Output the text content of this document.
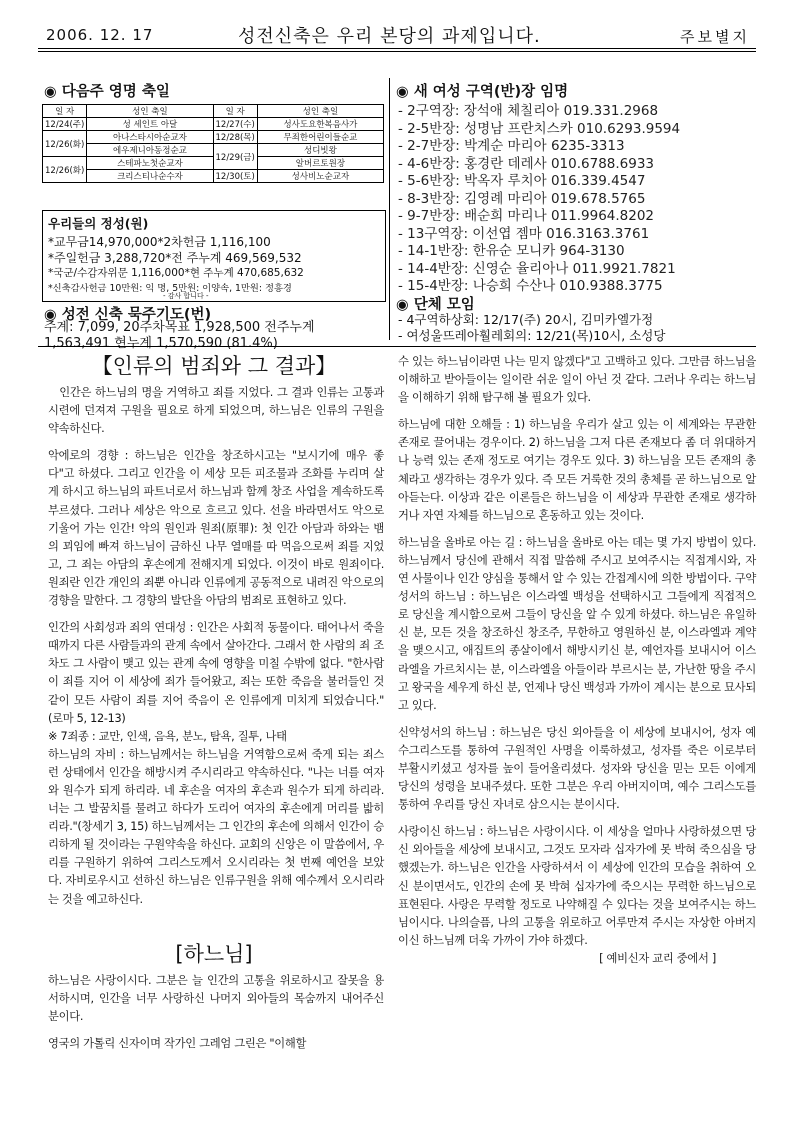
2006. 12. 17	성전신축은 우리 본당의 과제입니다.	주보별지
◉ 다음주 영명 축일
일 자	성인 축일	일 자	성인 축일
12/24(주)	성 세인트 아달	12/27(수)	성사도요한복음사가
12/26(화)	아나스타시아순교자	12/28(목)	무죄한어린이들순교
	에우제니아동정순교	12/29(금)	성디빗왕
12/26(화)	스테파노첫순교자		알버르토원장
	크리스티나순수자	12/30(토)	성사비노순교자
우리들의 정성(원)
*교무금14,970,000*2차헌금 1,116,100
*주일헌금 3,288,720*전 주누계 469,569,532
*국군/수감자위문 1,116,000*현 주누계 470,685,632
*신축감사헌금 10만원: 익 명, 5만원: 이양속, 1만원: 정흥경
- 감사 합니다 -
◉ 성전 신축 묵주기도(번)
주계: 7,099, 20주차목표 1,928,500 전주누계
1,563,491 현누계 1,570,590 (81.4%)
◉ 새 여성 구역(반)장 임명
- 2구역장: 장석애 체칠리아 019.331.2968
- 2-5반장: 성명남 프란치스카 010.6293.9594
- 2-7반장: 박계순 마리아 6235-3313
- 4-6반장: 홍경란 데레사 010.6788.6933
- 5-6반장: 박옥자 루치아 016.339.4547
- 8-3반장: 김영례 마리아 019.678.5765
- 9-7반장: 배순희 마리나 011.9964.8202
- 13구역장: 이선엽 젬마 016.3163.3761
- 14-1반장: 한유순 모니카 964-3130
- 14-4반장: 신영순 율리아나 011.9921.7821
- 15-4반장: 나승희 수산나 010.9388.3775
◉ 단체 모임
- 4구역하상회: 12/17(주) 20시, 김미카엘가정
- 여성울뜨레아훨레회의: 12/21(목)10시, 소성당
【인류의 범죄와 그 결과】

인간은 하느님의 명을 거역하고 죄를 지었다. 그 결과 인류는 고통과 시련에 던져져 구원을 필요로 하게 되었으며, 하느님은 인류의 구원을 약속하신다.

악에로의 경향 : 하느님은 인간을 창조하시고는 "보시기에 매우 좋다"고 하셨다. 그리고 인간을 이 세상 모든 피조물과 조화를 누리며 살게 하시고 하느님의 파트너로서 하느님과 함께 창조 사업을 계속하도록 부르셨다. 그러나 세상은 악으로 흐르고 있다. 선을 바라면서도 악으로 기울어 가는 인간! 악의 원인과 원죄(原罪): 첫 인간 아담과 하와는 뱀의 꾀임에 빠져 하느님이 금하신 나무 열매를 따 먹음으로써 죄를 지었고, 그 죄는 아담의 후손에게 전해지게 되었다. 이것이 바로 원죄이다. 원죄란 인간 개인의 죄뿐 아니라 인류에게 공동적으로 내려진 악으로의 경향을 말한다. 그 경향의 발단을 아담의 범죄로 표현하고 있다.

인간의 사회성과 죄의 연대성 : 인간은 사회적 동물이다. 태어나서 죽을 때까지 다른 사람들과의 관계 속에서 살아간다. 그래서 한 사람의 죄 조차도 그 사람이 맺고 있는 관계 속에 영향을 미칠 수밖에 없다. "한사람이 죄를 지어 이 세상에 죄가 들어왔고, 죄는 또한 죽음을 불러들인 것같이 모든 사람이 죄를 지어 죽음이 온 인류에게 미치게 되었습니다."(로마 5, 12-13)

※ 7죄종 : 교만, 인색, 음욕, 분노, 탐욕, 질투, 나태

하느님의 자비 : 하느님께서는 하느님을 거역함으로써 죽게 되는 죄스런 상태에서 인간을 해방시켜 주시리라고 약속하신다. "나는 너를 여자와 원수가 되게 하리라. 네 후손을 여자의 후손과 원수가 되게 하리라. 너는 그 발꿈치를 물려고 하다가 도리어 여자의 후손에게 머리를 밟히리라."(창세기 3, 15) 하느님께서는 그 인간의 후손에 의해서 인간이 승리하게 될 것이라는 구원약속을 하신다. 교회의 신앙은 이 말씀에서, 우리를 구원하기 위하여 그리스도께서 오시리라는 첫 번째 예언을 보았다. 자비로우시고 선하신 하느님은 인류구원을 위해 예수께서 오시리라는 것을 예고하신다.

[하느님]

하느님은 사랑이시다. 그분은 늘 인간의 고통을 위로하시고 잘못을 용서하시며, 인간을 너무 사랑하신 나머지 외아들의 목숨까지 내어주신 분이다.

영국의 가톨릭 신자이며 작가인 그레엄 그린은 "이해할

수 있는 하느님이라면 나는 믿지 않겠다"고 고백하고 있다. 그만큼 하느님을 이해하고 받아들이는 일이란 쉬운 일이 아닌 것 같다. 그러나 우리는 하느님을 이해하기 위해 탐구해 볼 필요가 있다.

하느님에 대한 오해들 : 1) 하느님을 우리가 살고 있는 이 세계와는 무관한 존재로 끌어내는 경우이다. 2) 하느님을 그저 다른 존재보다 좀 더 위대하거나 능력 있는 존재 정도로 여기는 경우도 있다. 3) 하느님을 모든 존재의 총체라고 생각하는 경우가 있다. 즉 모든 거룩한 것의 총체를 곧 하느님으로 알아듣는다. 이상과 같은 이론들은 하느님을 이 세상과 무관한 존재로 생각하거나 자연 자체를 하느님으로 혼동하고 있는 것이다.

하느님을 올바로 아는 길 : 하느님을 올바로 아는 데는 몇 가지 방법이 있다. 하느님께서 당신에 관해서 직접 말씀해 주시고 보여주시는 직접계시와, 자연 사물이나 인간 양심을 통해서 알 수 있는 간접계시에 의한 방법이다. 구약성서의 하느님 : 하느님은 이스라엘 백성을 선택하시고 그들에게 직접적으로 당신을 계시함으로써 그들이 당신을 알 수 있게 하셨다. 하느님은 유일하신 분, 모든 것을 창조하신 창조주, 무한하고 영원하신 분, 이스라엘과 계약을 맺으시고, 애집트의 종살이에서 해방시키신 분, 예언자를 보내시어 이스라엘을 가르치시는 분, 이스라엘을 아들이라 부르시는 분, 가난한 땅을 주시고 왕국을 세우게 하신 분, 언제나 당신 백성과 가까이 계시는 분으로 묘사되고 있다.

신약성서의 하느님 : 하느님은 당신 외아들을 이 세상에 보내시어, 성자 예수그리스도를 통하여 구원적인 사명을 이룩하셨고, 성자를 죽은 이로부터 부활시키셨고 성자를 높이 들어올리셨다. 성자와 당신을 믿는 모든 이에게 당신의 성령을 보내주셨다. 또한 그분은 우리 아버지이며, 예수 그리스도를 통하여 우리를 당신 자녀로 삼으시는 분이시다.

사랑이신 하느님 : 하느님은 사랑이시다. 이 세상을 얼마나 사랑하셨으면 당신 외아들을 세상에 보내시고, 그것도 모자라 십자가에 못 박혀 죽으심을 당했겠는가. 하느님은 인간을 사랑하셔서 이 세상에 인간의 모습을 취하여 오신 분이면서도, 인간의 손에 못 박혀 십자가에 죽으시는 무력한 하느님으로 표현된다. 사랑은 무력할 정도로 나약해질 수 있다는 것을 보여주시는 하느님이시다. 나의슬픔, 나의 고통을 위로하고 어루만져 주시는 자상한 아버지이신 하느님께 더욱 가까이 가야 하겠다.

[ 예비신자 교리 중에서 ]
